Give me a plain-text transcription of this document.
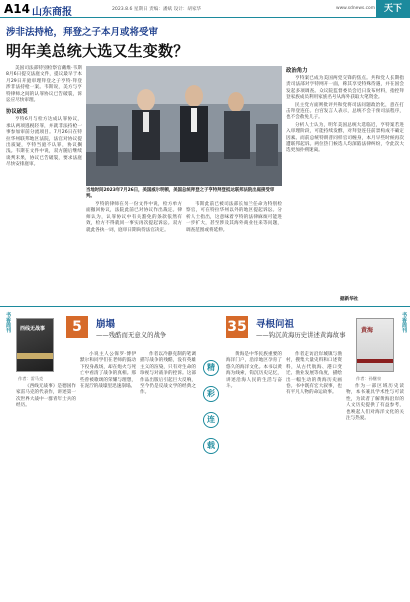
A14 山东商报	2023.8.6 星期日 责编：潘斌 设计：胡家华	www.sdnews.com	天下
涉非法持枪，拜登之子本月或将受审
明年美总统大选又生变数？

美国司法部特别检察官戴维·韦斯8月6日提交法庭文件，提议最早于本月29日开庭审理拜登之子亨特·拜登涉非法持枪一案。韦斯说，美方与亨特律师之间的认罪协议已告破裂，诉讼应尽快审理。

协议破裂

亨特6月与检方达成认罪协议，承认两项逃税轻罪，并就非法持枪一事参加审前分流项目。7月26日在特拉华州联邦地区法院，法官对协议提出质疑，亨特当庭不认罪，协议搁浅。韦斯在文件中说，双方随后继续谈判未果，协议已告破裂，要求法庭尽快安排庭审。

当地时间2023年7月26日，美国威尔明顿，美国总统拜登之子亨特拜登抵达联邦法院出庭接受审判。

亨特的律师在另一份文件中说，检方单方面撤回协议，法院此前已对协议作出裁定。律师认为，认罪协议中有关豁免的条款依然有效，检方不得就同一事实再次提起诉讼。双方就此各执一词，庭审日期尚待法官决定。

韦斯此前已被司法部长加兰任命为特别检察官，可在特拉华州以外的地区提起诉讼。分析人士指出，这意味着亨特的法律麻烦可能进一步扩大，甚至涉及其海外商业往来等问题，调查范围或将延伸。

政治角力

亨特案已成为美国两党交锋的焦点。共和党人长期指责司法部对亨特网开一面，称其享受特殊待遇，并在国会发起多项调查。众议院监督委员会近日发布材料，指控拜登家族成员利用家族名号从海外获取大笔资金。

民主党方面则批评共和党将司法问题政治化，意在打击拜登连任。白宫发言人表示，总统不会干预司法程序，也不会赦免儿子。

分析人士认为，明年美国总统大选临近，亨特案若进入审理阶段，可能持续发酵，对拜登连任前景构成不确定因素。而前总统特朗普同样官司缠身，本月早些时候再次遭联邦起诉。两位热门候选人均深陷法律纠纷，令此次大选更加扑朔迷离。

据新华社
书香周刊	书香周刊
5	崩塌
——残酷而无意义的战争
西线无战事
作者：雷马克

《西线无战事》是德国作家雷马克的代表作，讲述第一次世界大战中一群青年士兵的经历。

小说主人公保罗·博伊默尔和同学们在老师的鼓动下投身战场，却在炮火与死亡中看清了战争的真相。那些曾被歌颂的荣耀与理想，在泥泞的战壕里迅速崩塌。

作者以冷静克制的笔调描写战争的残酷，没有英雄主义的渲染，只有对生命的珍视与对战争的控诉。这部作品出版后引起巨大反响，至今仍是反战文学的经典之作。

精
彩
连
载
35 寻根问祖
——钩沉黄海历史讲述黄海故事
黄海
作者：孙继泉

黄海是中华民族重要的海洋门户，沿岸地区孕育了悠久的海洋文化。本书以黄海为线索，钩沉历史记忆，讲述沿海人民的生活与奋斗。

作者走访沿岸城镇与渔村，搜集大量史料和口述资料，从古代航海、港口变迁、渔业发展等角度，描绘出一幅生动的黄海历史画卷。书中既有宏大叙事，也有平凡人物的命运故事。

作为一部区域历史读物，本书兼具学术性与可读性，为读者了解黄海沿岸的人文历史提供了有益参考，也唤起人们对海洋文化的关注与热爱。
